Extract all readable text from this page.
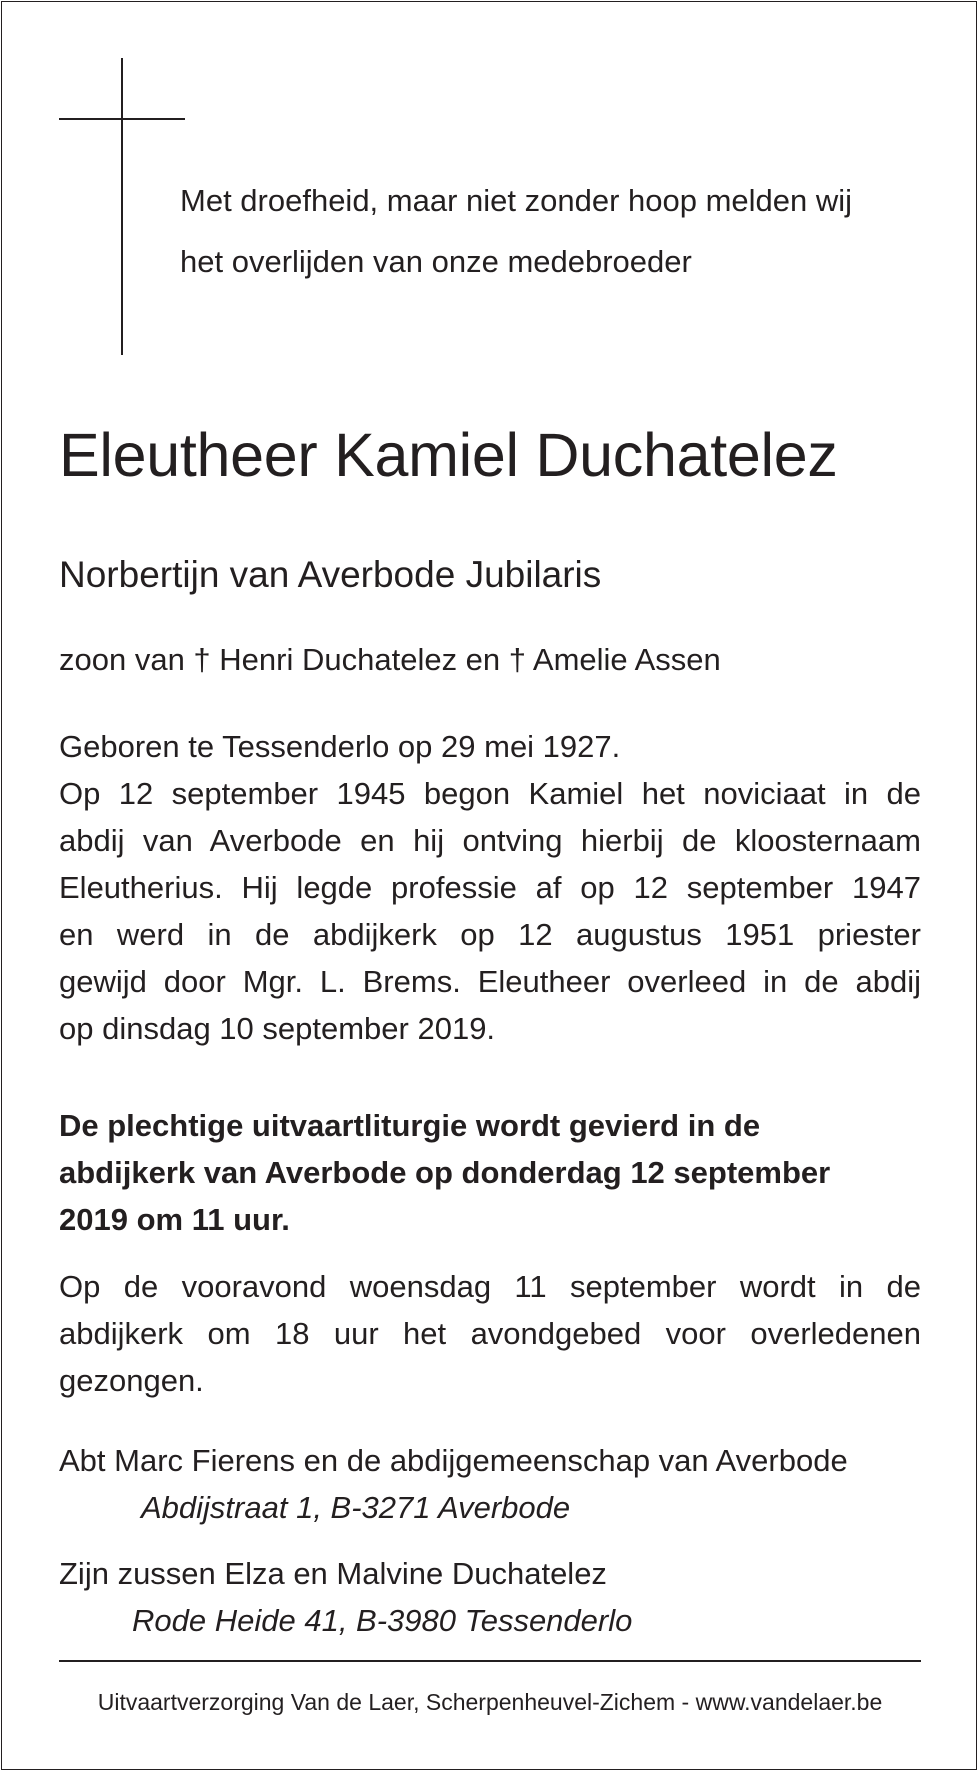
Met droefheid, maar niet zonder hoop melden wij
het overlijden van onze medebroeder

Eleutheer Kamiel Duchatelez

Norbertijn van Averbode Jubilaris

zoon van † Henri Duchatelez en † Amelie Assen

Geboren te Tessenderlo op 29 mei 1927.
Op 12 september 1945 begon Kamiel het noviciaat in de
abdij van Averbode en hij ontving hierbij de kloosternaam
Eleutherius. Hij legde professie af op 12 september 1947
en werd in de abdijkerk op 12 augustus 1951 priester
gewijd door Mgr. L. Brems. Eleutheer overleed in de abdij
op dinsdag 10 september 2019.

De plechtige uitvaartliturgie wordt gevierd in de
abdijkerk van Averbode op donderdag 12 september
2019 om 11 uur.

Op de vooravond woensdag 11 september wordt in de
abdijkerk om 18 uur het avondgebed voor overledenen
gezongen.

Abt Marc Fierens en de abdijgemeenschap van Averbode
Abdijstraat 1, B-3271 Averbode

Zijn zussen Elza en Malvine Duchatelez
Rode Heide 41, B-3980 Tessenderlo

Uitvaartverzorging Van de Laer, Scherpenheuvel-Zichem - www.vandelaer.be
